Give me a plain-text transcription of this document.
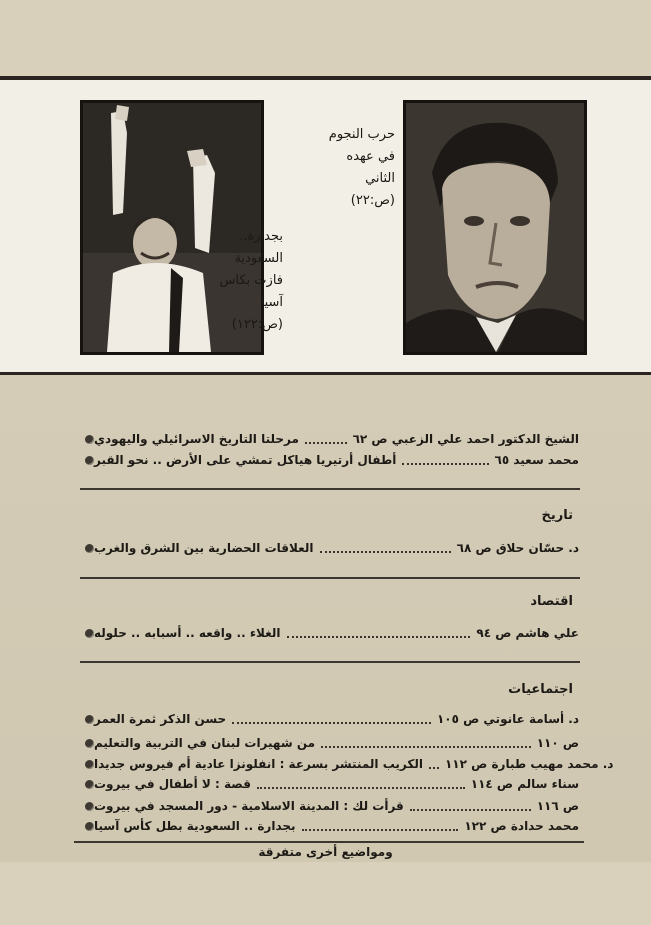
بجدارة..
السعودية
فازت بكاس
آسيا
(ص:١٢٢)
حرب النجوم
في عهده
الثاني
(ص:٢٢)
مرحلتا التاريخ الاسرائيلي واليهودي	الشيخ الدكتور احمد علي الزعبي ص ٦٢
أطفال أرتيريا هياكل تمشي على الأرض .. نحو القبر	محمد سعيد ٦٥
تاريخ
العلاقات الحضارية بين الشرق والغرب	د. حسّان حلاق ص ٦٨
اقتصاد
الغلاء .. واقعه .. أسبابه .. حلوله	علي هاشم ص ٩٤
اجتماعيات
حسن الذكر ثمرة العمر	د. أسامة عانوتي ص ١٠٥
من شهيرات لبنان في التربية والتعليم	ص ١١٠
الكريب المنتشر بسرعة : انفلونزا عادية أم فيروس جديدا د. محمد مهيب طبارة ص ١١٢
قصة : لا أطفال في بيروت	سناء سالم ص ١١٤
قرأت لك : المدينة الاسلامية - دور المسجد في بيروت	ص ١١٦
بجدارة .. السعودية بطل كأس آسيا	محمد حدادة ص ١٢٢
ومواضيع أخرى متفرقة
